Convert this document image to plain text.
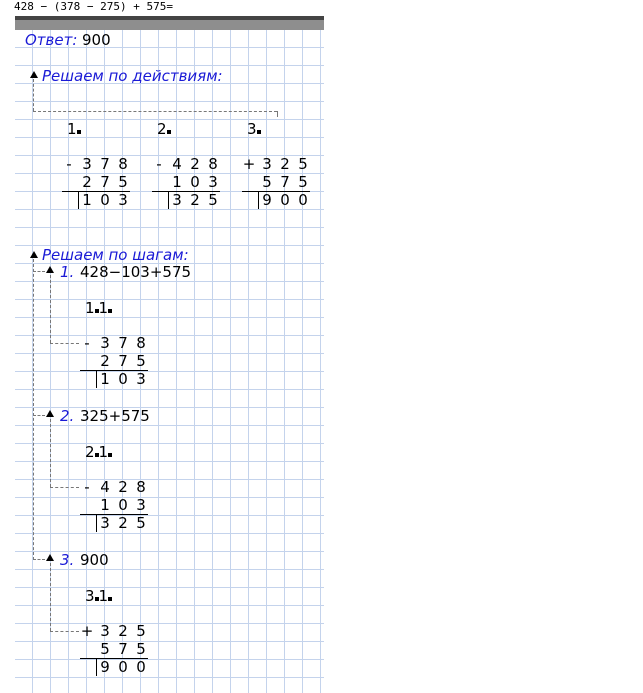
428 − (378 − 275) + 575=
Ответ: 900
Решаем по действиям:
1	2	3
- 3 7 8
2 7 5
1 0 3
- 4 2 8
1 0 3
3 2 5
+ 3 2 5
5 7 5
9 0 0
Решаем по шагам:
1. 428−103+575
1 1
- 3 7 8
2 7 5
1 0 3
2. 325+575
2 1
- 4 2 8
1 0 3
3 2 5
3. 900
3 1
+ 3 2 5
5 7 5
9 0 0
